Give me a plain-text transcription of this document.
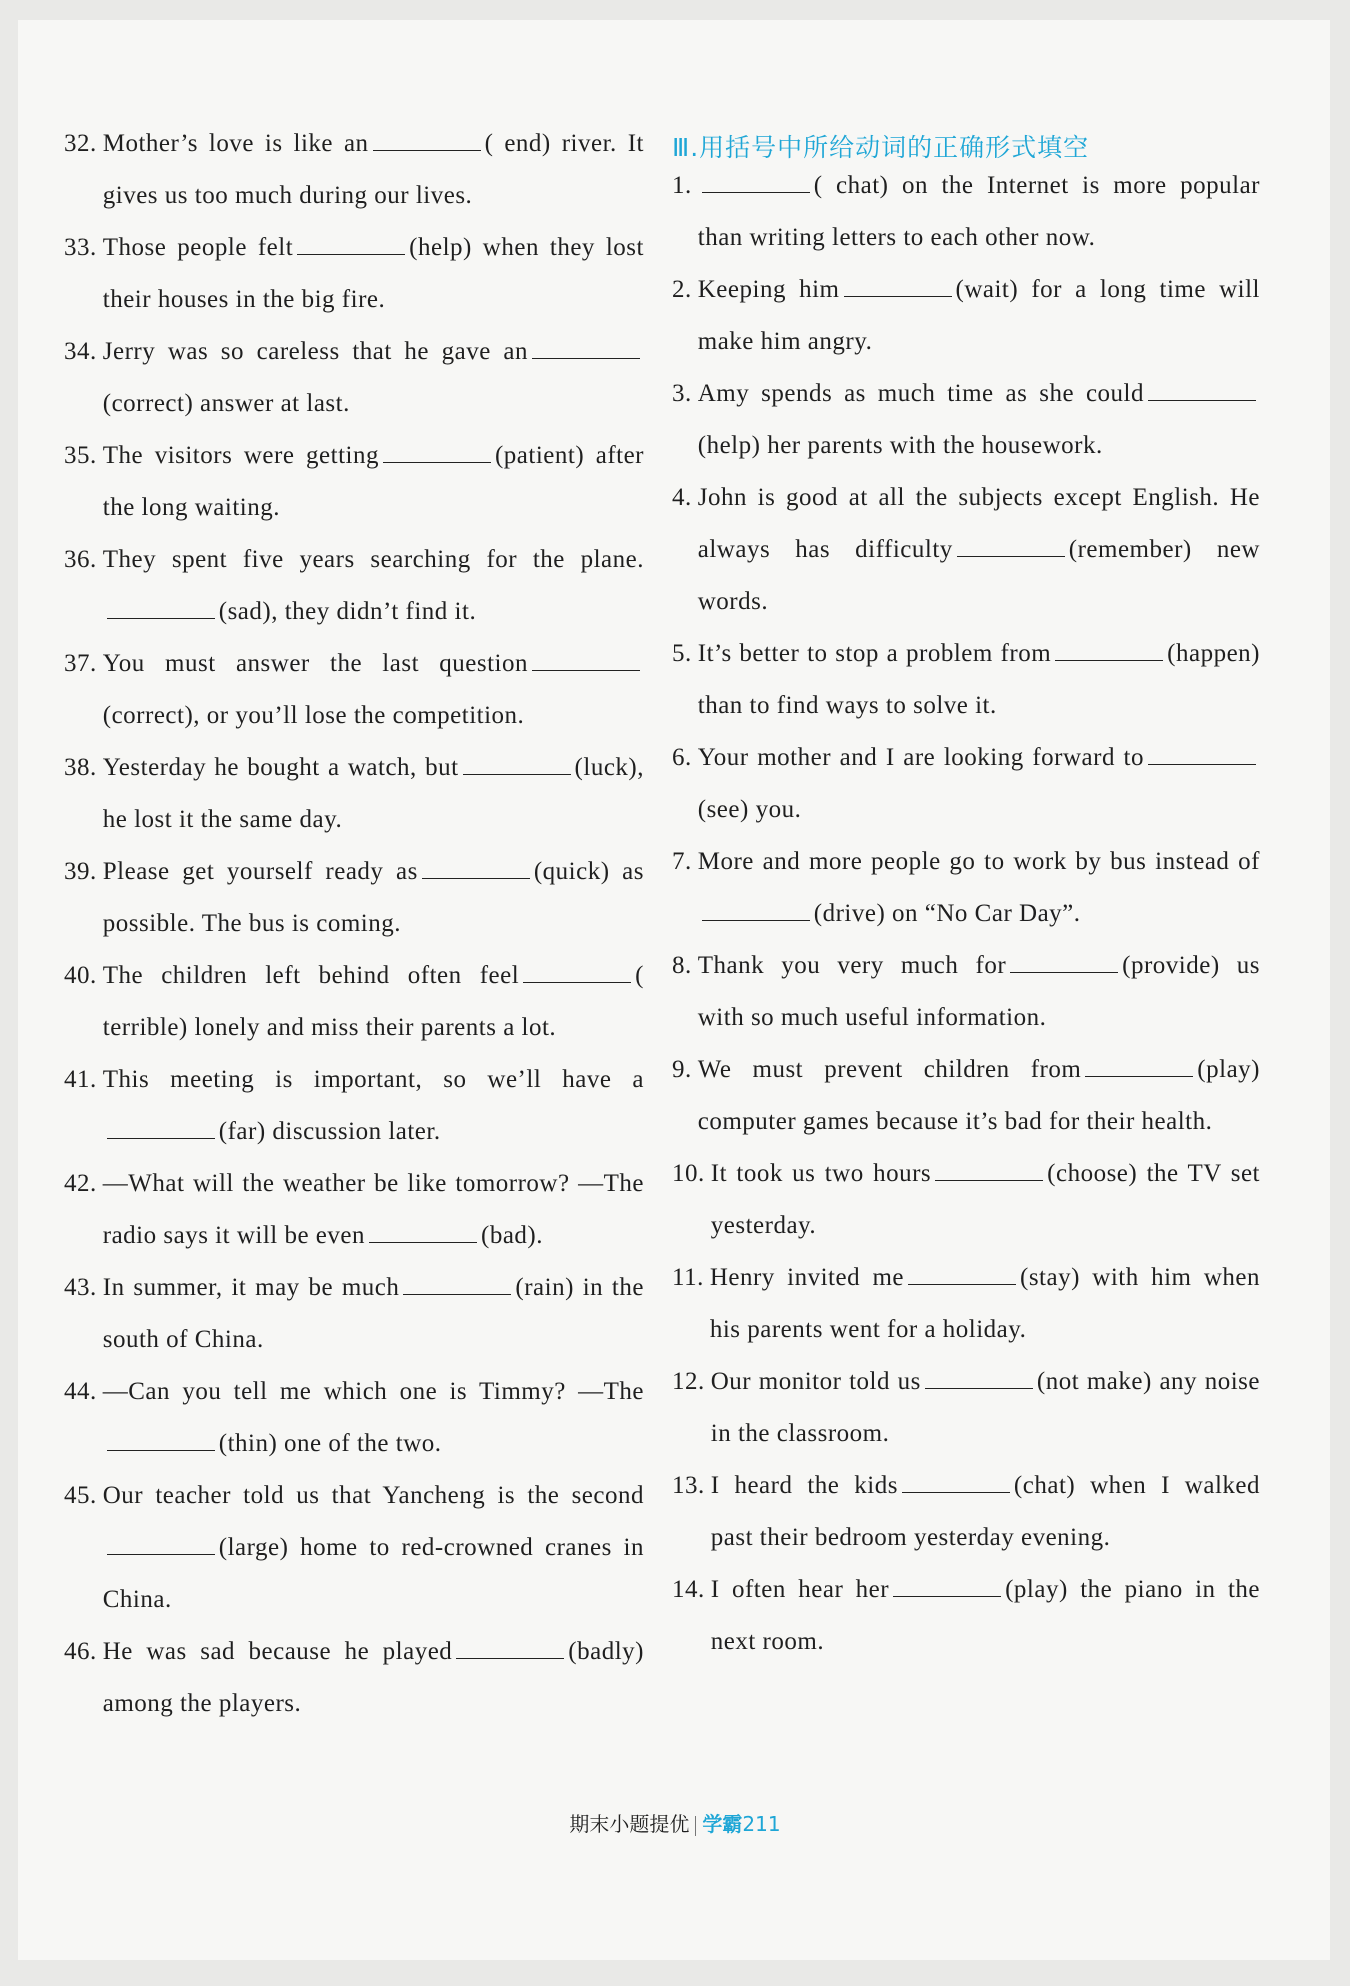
32. Mother’s love is like an	( end) river. It gives us too much during our lives.
33. Those people felt	(help) when they lost their houses in the big fire.
34. Jerry was so careless that he gave an(correct) answer at last.
35. The visitors were getting	(patient) after the long waiting.
36. They spent five years searching for the plane.(sad), they didn’t find it.
37. You must answer the last question(correct), or you’ll lose the competition.
38. Yesterday he bought a watch, but	(luck), he lost it the same day.
39. Please get yourself ready as	(quick) as possible. The bus is coming.
40. The children left behind often feel	( terrible) lonely and miss their parents a lot.
41. This meeting is important, so we’ll have a(far) discussion later.
42. —What will the weather be like tomorrow? —The radio says it will be even	(bad).
43. In summer, it may be much	(rain) in the south of China.
44. —Can you tell me which one is Timmy? —The(thin) one of the two.
45. Our teacher told us that Yancheng is the second(large) home to red-crowned cranes in China.
46. He was sad because he played	(badly) among the players.
Ⅲ.用括号中所给动词的正确形式填空
1.	( chat) on the Internet is more popular than writing letters to each other now.
2. Keeping him	(wait) for a long time will make him angry.
3. Amy spends as much time as she could(help) her parents with the housework.
4. John is good at all the subjects except English. He always has difficulty	(remember) new words.
5. It’s better to stop a problem from	(happen) than to find ways to solve it.
6. Your mother and I are looking forward to(see) you.
7. More and more people go to work by bus instead of(drive) on “No Car Day”.
8. Thank you very much for	(provide) us with so much useful information.
9. We must prevent children from	(play) computer games because it’s bad for their health.
10. It took us two hours	(choose) the TV set yesterday.
11. Henry invited me	(stay) with him when his parents went for a holiday.
12. Our monitor told us	(not make) any noise in the classroom.
13. I heard the kids	(chat) when I walked past their bedroom yesterday evening.
14. I often hear her	(play) the piano in the next room.
期末小题提优 学霸211
